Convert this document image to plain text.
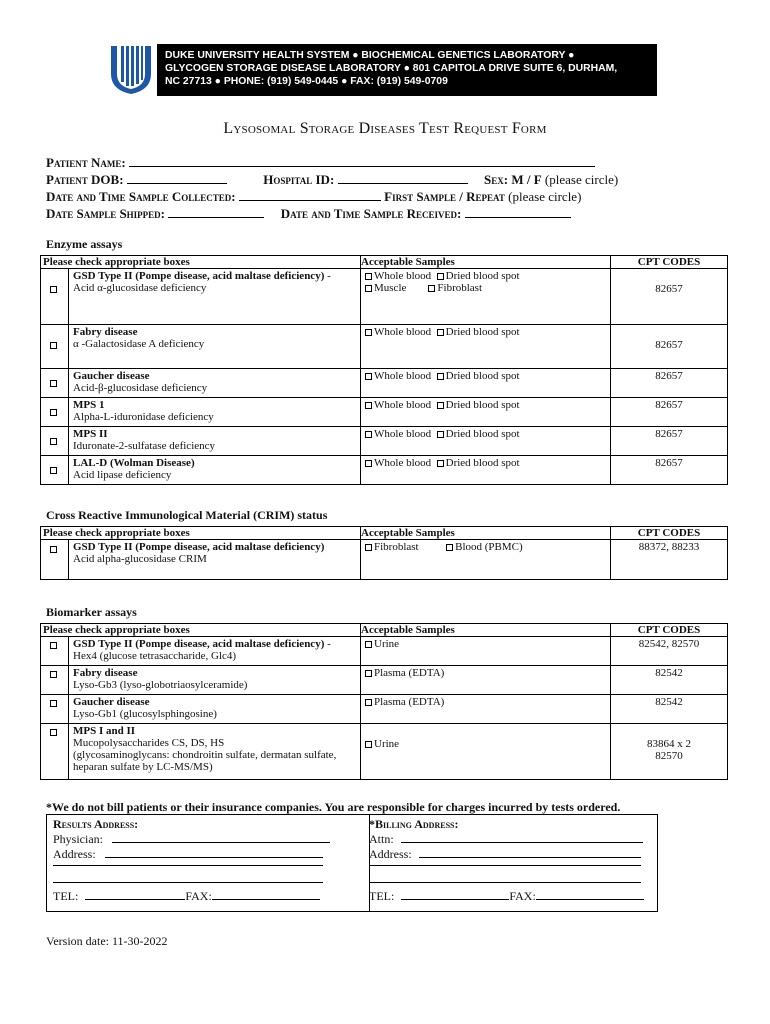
DUKE UNIVERSITY HEALTH SYSTEM ● BIOCHEMICAL GENETICS LABORATORY ●
GLYCOGEN STORAGE DISEASE LABORATORY ● 801 CAPITOLA DRIVE SUITE 6, DURHAM,
NC 27713 ● PHONE: (919) 549-0445 ● FAX: (919) 549-0709
Lysosomal Storage Diseases Test Request Form
Patient Name:
Patient DOB:	Hospital ID:	Sex: M / F (please circle)
Date and Time Sample Collected:	First Sample / Repeat (please circle)
Date Sample Shipped:	Date and Time Sample Received:
Enzyme assays
Please check appropriate boxes		Acceptable Samples	CPT CODES
	GSD Type II (Pompe disease, acid maltase deficiency) -
Acid α-glucosidase deficiency	Whole blood Dried blood spot
Muscle Fibroblast	82657
	Fabry disease
α -Galactosidase A deficiency	Whole blood Dried blood spot	82657
	Gaucher disease
Acid-β-glucosidase deficiency	Whole blood Dried blood spot	82657
	MPS 1
Alpha-L-iduronidase deficiency	Whole blood Dried blood spot	82657
	MPS II
Iduronate-2-sulfatase deficiency	Whole blood Dried blood spot	82657
	LAL-D (Wolman Disease)
Acid lipase deficiency	Whole blood Dried blood spot	82657
Cross Reactive Immunological Material (CRIM) status
Please check appropriate boxes		Acceptable Samples	CPT CODES
	GSD Type II (Pompe disease, acid maltase deficiency)
Acid alpha-glucosidase CRIM	Fibroblast Blood (PBMC)	88372, 88233
Biomarker assays
Please check appropriate boxes		Acceptable Samples	CPT CODES
	GSD Type II (Pompe disease, acid maltase deficiency) -
Hex4 (glucose tetrasaccharide, Glc4)	Urine	82542, 82570
	Fabry disease
Lyso-Gb3 (lyso-globotriaosylceramide)	Plasma (EDTA)	82542
	Gaucher disease
Lyso-Gb1 (glucosylsphingosine)	Plasma (EDTA)	82542
	MPS I and II
Mucopolysaccharides CS, DS, HS
(glycosaminoglycans: chondroitin sulfate, dermatan sulfate,
heparan sulfate by LC-MS/MS)	Urine	83864 x 2
82570
*We do not bill patients or their insurance companies. You are responsible for charges incurred by tests ordered.
Results Address:
Physician:
Address:
TEL:	FAX:
*Billing Address:
Attn:
Address:
TEL:	FAX:
Version date: 11-30-2022
